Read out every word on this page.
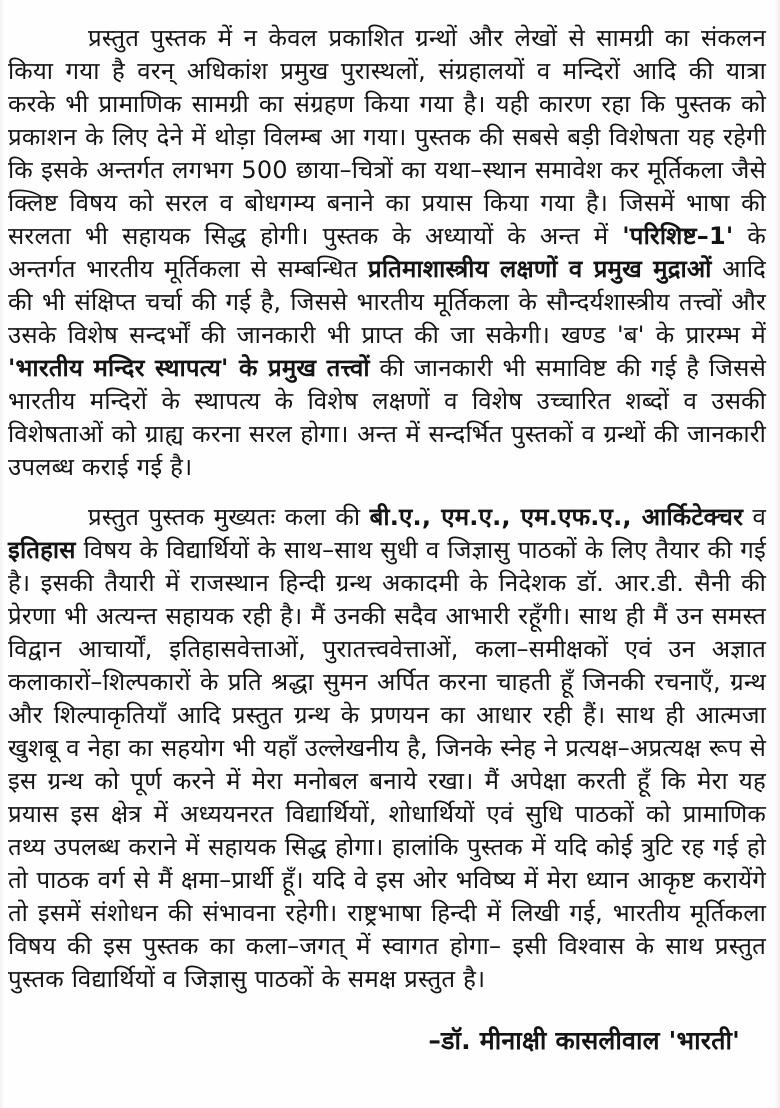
प्रस्तुत पुस्तक में न केवल प्रकाशित ग्रन्थों और लेखों से सामग्री का संकलन किया गया है वरन् अधिकांश प्रमुख पुरास्थलों, संग्रहालयों व मन्दिरों आदि की यात्रा करके भी प्रामाणिक सामग्री का संग्रहण किया गया है। यही कारण रहा कि पुस्तक को प्रकाशन के लिए देने में थोड़ा विलम्ब आ गया। पुस्तक की सबसे बड़ी विशेषता यह रहेगी कि इसके अन्तर्गत लगभग 500 छाया–चित्रों का यथा–स्थान समावेश कर मूर्तिकला जैसे क्लिष्ट विषय को सरल व बोधगम्य बनाने का प्रयास किया गया है। जिसमें भाषा की सरलता भी सहायक सिद्ध होगी। पुस्तक के अध्यायों के अन्त में 'परिशिष्ट–1' के अन्तर्गत भारतीय मूर्तिकला से सम्बन्धित प्रतिमाशास्त्रीय लक्षणों व प्रमुख मुद्राओं आदि की भी संक्षिप्त चर्चा की गई है, जिससे भारतीय मूर्तिकला के सौन्दर्यशास्त्रीय तत्त्वों और उसके विशेष सन्दर्भों की जानकारी भी प्राप्त की जा सकेगी। खण्ड 'ब' के प्रारम्भ में 'भारतीय मन्दिर स्थापत्य' के प्रमुख तत्त्वों की जानकारी भी समाविष्ट की गई है जिससे भारतीय मन्दिरों के स्थापत्य के विशेष लक्षणों व विशेष उच्चारित शब्दों व उसकी विशेषताओं को ग्राह्य करना सरल होगा। अन्त में सन्दर्भित पुस्तकों व ग्रन्थों की जानकारी उपलब्ध कराई गई है।

प्रस्तुत पुस्तक मुख्यतः कला की बी.ए., एम.ए., एम.एफ.ए., आर्किटेक्चर व इतिहास विषय के विद्यार्थियों के साथ–साथ सुधी व जिज्ञासु पाठकों के लिए तैयार की गई है। इसकी तैयारी में राजस्थान हिन्दी ग्रन्थ अकादमी के निदेशक डॉ. आर.डी. सैनी की प्रेरणा भी अत्यन्त सहायक रही है। मैं उनकी सदैव आभारी रहूँगी। साथ ही मैं उन समस्त विद्वान आचार्यों, इतिहासवेत्ताओं, पुरातत्त्ववेत्ताओं, कला–समीक्षकों एवं उन अज्ञात कलाकारों–शिल्पकारों के प्रति श्रद्धा सुमन अर्पित करना चाहती हूँ जिनकी रचनाएँ, ग्रन्थ और शिल्पाकृतियाँ आदि प्रस्तुत ग्रन्थ के प्रणयन का आधार रही हैं। साथ ही आत्मजा खुशबू व नेहा का सहयोग भी यहाँ उल्लेखनीय है, जिनके स्नेह ने प्रत्यक्ष–अप्रत्यक्ष रूप से इस ग्रन्थ को पूर्ण करने में मेरा मनोबल बनाये रखा। मैं अपेक्षा करती हूँ कि मेरा यह प्रयास इस क्षेत्र में अध्ययनरत विद्यार्थियों, शोधार्थियों एवं सुधि पाठकों को प्रामाणिक तथ्य उपलब्ध कराने में सहायक सिद्ध होगा। हालांकि पुस्तक में यदि कोई त्रुटि रह गई हो तो पाठक वर्ग से मैं क्षमा–प्रार्थी हूँ। यदि वे इस ओर भविष्य में मेरा ध्यान आकृष्ट करायेंगे तो इसमें संशोधन की संभावना रहेगी। राष्ट्रभाषा हिन्दी में लिखी गई, भारतीय मूर्तिकला विषय की इस पुस्तक का कला–जगत् में स्वागत होगा– इसी विश्वास के साथ प्रस्तुत पुस्तक विद्यार्थियों व जिज्ञासु पाठकों के समक्ष प्रस्तुत है।

–डॉ. मीनाक्षी कासलीवाल 'भारती'
